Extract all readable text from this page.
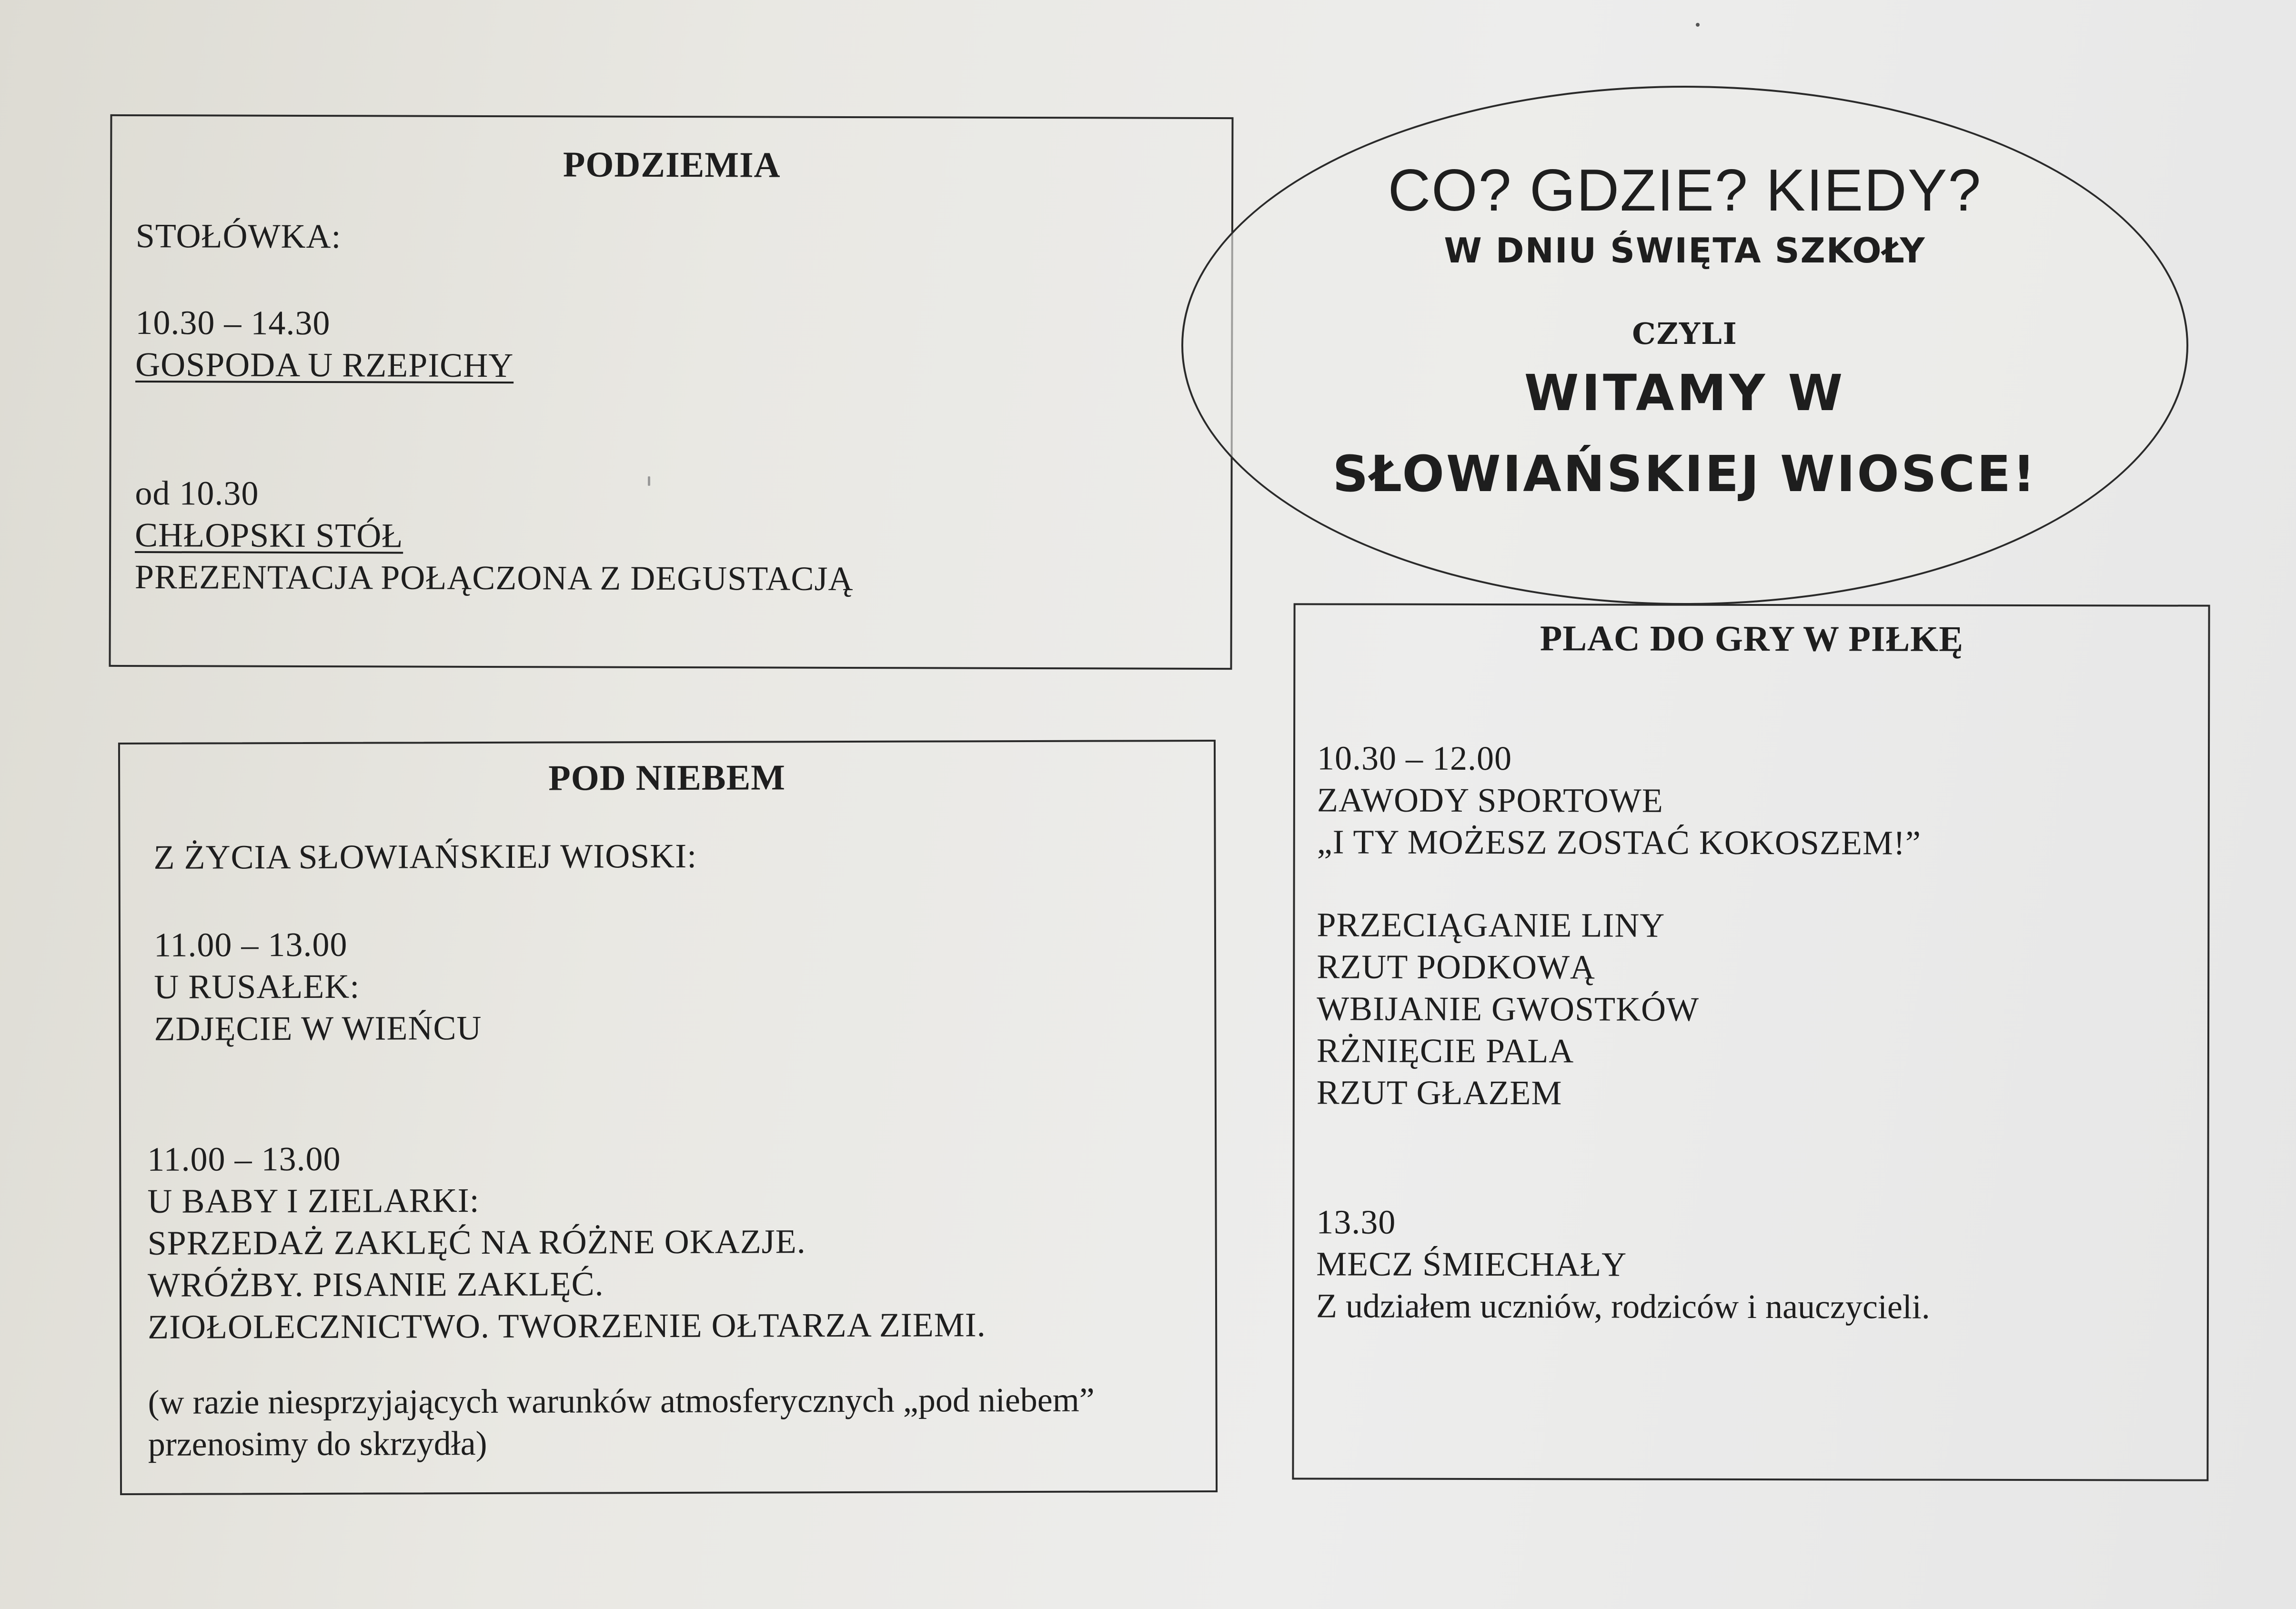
PODZIEMIA
STOŁÓWKA:
10.30 – 14.30
GOSPODA U RZEPICHY
od 10.30
CHŁOPSKI STÓŁ
PREZENTACJA POŁĄCZONA Z DEGUSTACJĄ
CO? GDZIE? KIEDY?
W DNIU ŚWIĘTA SZKOŁY
CZYLI
WITAMY W
SŁOWIAŃSKIEJ WIOSCE!
POD NIEBEM
Z ŻYCIA SŁOWIAŃSKIEJ WIOSKI:
11.00 – 13.00
U RUSAŁEK:
ZDJĘCIE W WIEŃCU
11.00 – 13.00
U BABY I ZIELARKI:
SPRZEDAŻ ZAKLĘĆ NA RÓŻNE OKAZJE.
WRÓŻBY. PISANIE ZAKLĘĆ.
ZIOŁOLECZNICTWO. TWORZENIE OŁTARZA ZIEMI.
(w razie niesprzyjających warunków atmosferycznych „pod niebem”
przenosimy do skrzydła)
PLAC DO GRY W PIŁKĘ
10.30 – 12.00
ZAWODY SPORTOWE
„I TY MOŻESZ ZOSTAĆ KOKOSZEM!”
PRZECIĄGANIE LINY
RZUT PODKOWĄ
WBIJANIE GWOSTKÓW
RŻNIĘCIE PALA
RZUT GŁAZEM
13.30
MECZ ŚMIECHAŁY
Z udziałem uczniów, rodziców i nauczycieli.
